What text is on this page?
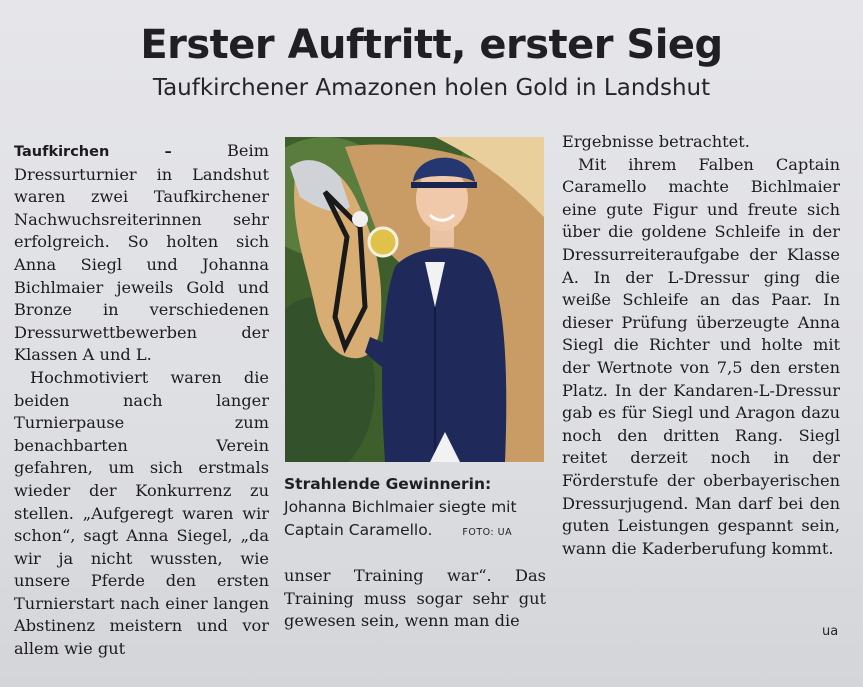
Erster Auftritt, erster Sieg
Taufkirchener Amazonen holen Gold in Landshut

Taufkirchen – Beim Dressurturnier in Landshut waren zwei Taufkirchener Nachwuchsreiterinnen sehr erfolgreich. So holten sich Anna Siegl und Johanna Bichlmaier jeweils Gold und Bronze in verschiedenen Dressurwettbewerben der Klassen A und L.

Hochmotiviert waren die beiden nach langer Turnierpause zum benachbarten Verein gefahren, um sich erstmals wieder der Konkurrenz zu stellen. „Aufgeregt waren wir schon“, sagt Anna Siegel, „da wir ja nicht wussten, wie unsere Pferde den ersten Turnierstart nach einer langen Abstinenz meistern und vor allem wie gut

Strahlende Gewinnerin: Johanna Bichlmaier siegte mit Captain Caramello.	FOTO: UA

unser Training war“. Das Training muss sogar sehr gut gewesen sein, wenn man die

Ergebnisse betrachtet.

Mit ihrem Falben Captain Caramello machte Bichlmaier eine gute Figur und freute sich über die goldene Schleife in der Dressurreiteraufgabe der Klasse A. In der L-Dressur ging die weiße Schleife an das Paar. In dieser Prüfung überzeugte Anna Siegl die Richter und holte mit der Wertnote von 7,5 den ersten Platz. In der Kandaren-L-Dressur gab es für Siegl und Aragon dazu noch den dritten Rang. Siegl reitet derzeit noch in der Förderstufe der oberbayerischen Dressurjugend. Man darf bei den guten Leistungen gespannt sein, wann die Kaderberufung kommt.

ua
